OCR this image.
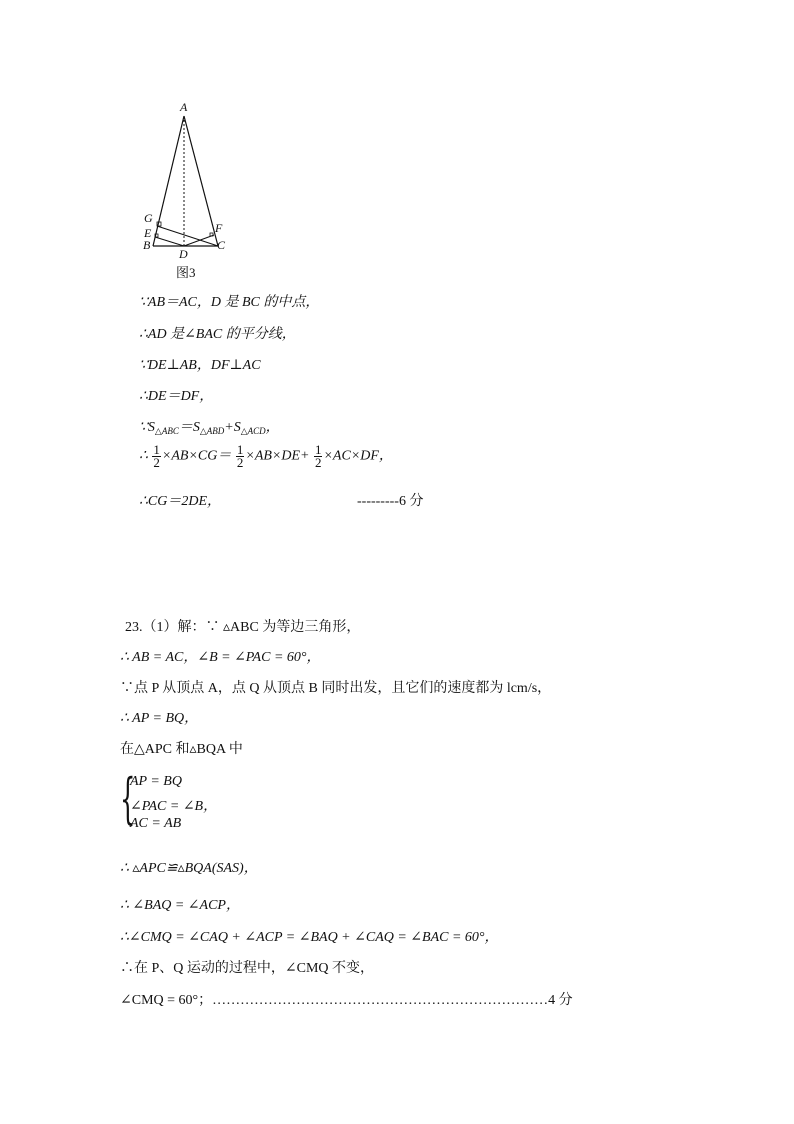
A
G
E
B
D
F
C
图3
∵AB＝AC，D 是 BC 的中点，
∴AD 是∠BAC 的平分线，
∵DE⊥AB，DF⊥AC
∴DE＝DF，
$\because S_{\triangle ABC}=S_{\triangle ABD}+S_{\triangle ACD}$，
∴ $\frac{1}{2} \times AB\times CG= \frac{1}{2} \times AB\times DE+ \frac{1}{2} \times AC\times DF$，
∴CG＝2DE，	---------6 分
23.（1）解：∵ ▵ABC 为等边三角形，
∴ AB = AC，∠B = ∠PAC = 60°，
∵点 P 从顶点 A，点 Q 从顶点 B 同时出发，且它们的速度都为 lcm/s，
∴ AP = BQ，
在△APC 和▵BQA 中
{
AP = BQ
∠PAC = ∠B，
AC = AB
∴ ▵APC≌▵BQA(SAS)，
∴ ∠BAQ = ∠ACP，
∴∠CMQ = ∠CAQ + ∠ACP = ∠BAQ + ∠CAQ = ∠BAC = 60°，
∴在 P、Q 运动的过程中，∠CMQ 不变，
∠CMQ = 60°；………………………………………………………………4 分
